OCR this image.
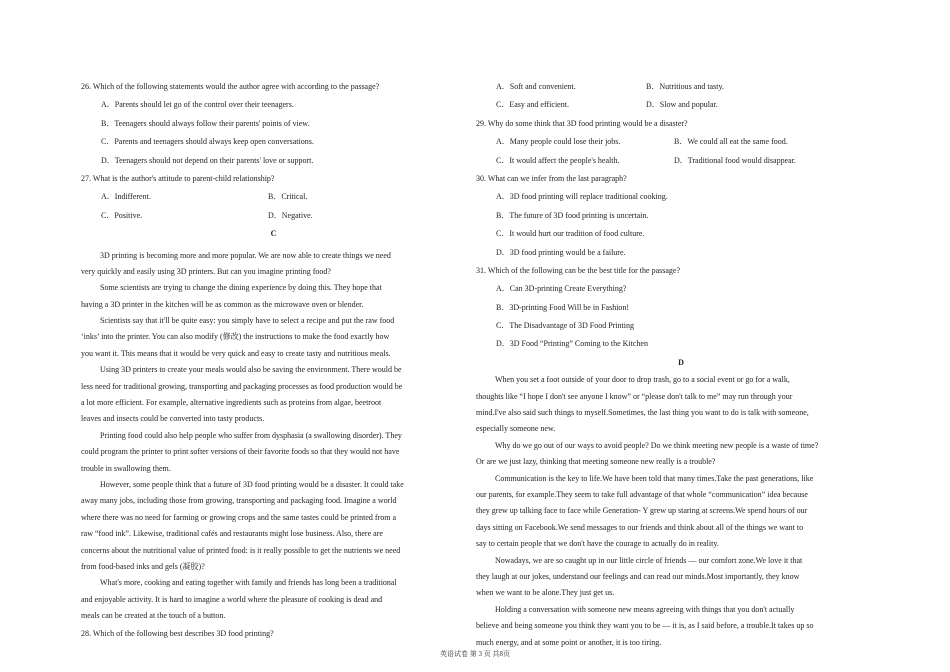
26. Which of the following statements would the author agree with according to the passage?
A．Parents should let go of the control over their teenagers.
B．Teenagers should always follow their parents' points of view.
C．Parents and teenagers should always keep open conversations.
D．Teenagers should not depend on their parents' love or support.
27. What is the author's attitude to parent-child relationship?
A．Indifferent.	B．Critical.
C．Positive.	D．Negative.
C
3D printing is becoming more and more popular. We are now able to create things we need
very quickly and easily using 3D printers. But can you imagine printing food?
Some scientists are trying to change the dining experience by doing this. They hope that
having a 3D printer in the kitchen will be as common as the microwave oven or blender.
Scientists say that it'll be quite easy: you simply have to select a recipe and put the raw food
‘inks’ into the printer. You can also modify (修改) the instructions to make the food exactly how
you want it. This means that it would be very quick and easy to create tasty and nutritious meals.
Using 3D printers to create your meals would also be saving the environment. There would be
less need for traditional growing, transporting and packaging processes as food production would be
a lot more efficient. For example, alternative ingredients such as proteins from algae, beetroot
leaves and insects could be converted into tasty products.
Printing food could also help people who suffer from dysphasia (a swallowing disorder). They
could program the printer to print softer versions of their favorite foods so that they would not have
trouble in swallowing them.
However, some people think that a future of 3D food printing would be a disaster. It could take
away many jobs, including those from growing, transporting and packaging food. Imagine a world
where there was no need for farming or growing crops and the same tastes could be printed from a
raw “food ink”. Likewise, traditional cafés and restaurants might lose business. Also, there are
concerns about the nutritional value of printed food: is it really possible to get the nutrients we need
from food-based inks and gels (凝胶)?
What's more, cooking and eating together with family and friends has long been a traditional
and enjoyable activity. It is hard to imagine a world where the pleasure of cooking is dead and
meals can be created at the touch of a button.
28. Which of the following best describes 3D food printing?
A．Soft and convenient.	B．Nutritious and tasty.
C．Easy and efficient.	D．Slow and popular.
29. Why do some think that 3D food printing would be a disaster?
A．Many people could lose their jobs.	B．We could all eat the same food.
C．It would affect the people's health.	D．Traditional food would disappear.
30. What can we infer from the last paragraph?
A．3D food printing will replace traditional cooking.
B．The future of 3D food printing is uncertain.
C．It would hurt our tradition of food culture.
D．3D food printing would be a failure.
31. Which of the following can be the best title for the passage?
A．Can 3D-printing Create Everything?
B．3D-printing Food Will be in Fashion!
C．The Disadvantage of 3D Food Printing
D．3D Food “Printing” Coming to the Kitchen
D
When you set a foot outside of your door to drop trash, go to a social event or go for a walk,
thoughts like “I hope I don't see anyone I know” or “please don't talk to me” may run through your
mind.I've also said such things to myself.Sometimes, the last thing you want to do is talk with someone,
especially someone new.
Why do we go out of our ways to avoid people? Do we think meeting new people is a waste of time?
Or are we just lazy, thinking that meeting someone new really is a trouble?
Communication is the key to life.We have been told that many times.Take the past generations, like
our parents, for example.They seem to take full advantage of that whole “communication” idea because
they grew up talking face to face while Generation- Y grew up staring at screens.We spend hours of our
days sitting on Facebook.We send messages to our friends and think about all of the things we want to
say to certain people that we don't have the courage to actually do in reality.
Nowadays, we are so caught up in our little circle of friends — our comfort zone.We love it that
they laugh at our jokes, understand our feelings and can read our minds.Most importantly, they know
when we want to be alone.They just get us.
Holding a conversation with someone new means agreeing with things that you don't actually
believe and being someone you think they want you to be — it is, as I said before, a trouble.It takes up so
much energy, and at some point or another, it is too tiring.
英语试卷 第 3 页 共8页
